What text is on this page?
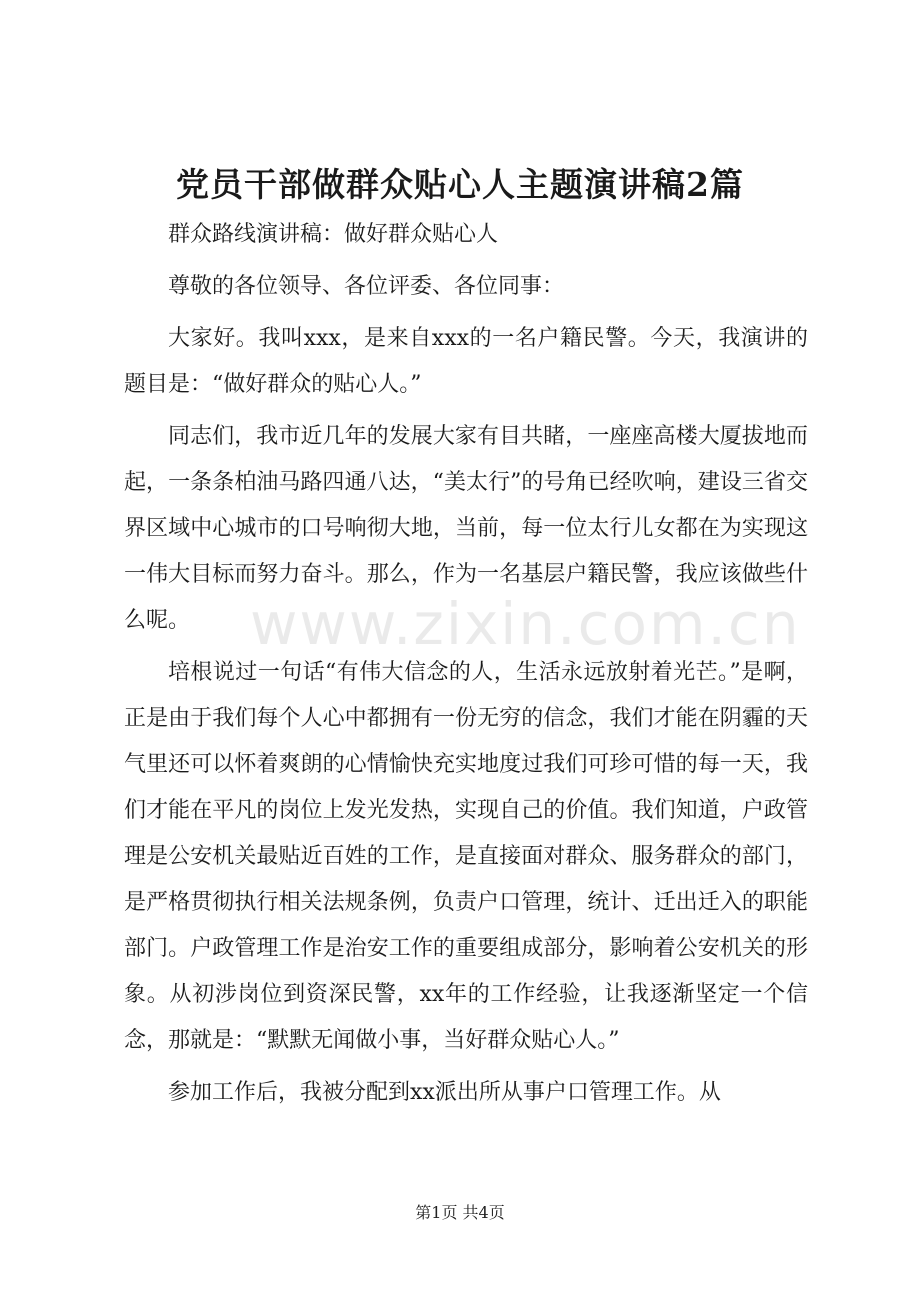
党员干部做群众贴心人主题演讲稿2篇

群众路线演讲稿：做好群众贴心人

尊敬的各位领导、各位评委、各位同事：

大家好。我叫xxx，是来自xxx的一名户籍民警。今天，我演讲的题目是：“做好群众的贴心人。”

同志们，我市近几年的发展大家有目共睹，一座座高楼大厦拔地而起，一条条柏油马路四通八达，“美太行”的号角已经吹响，建设三省交界区域中心城市的口号响彻大地，当前，每一位太行儿女都在为实现这一伟大目标而努力奋斗。那么，作为一名基层户籍民警，我应该做些什么呢。

培根说过一句话“有伟大信念的人，生活永远放射着光芒。”是啊，正是由于我们每个人心中都拥有一份无穷的信念，我们才能在阴霾的天气里还可以怀着爽朗的心情愉快充实地度过我们可珍可惜的每一天，我们才能在平凡的岗位上发光发热，实现自己的价值。我们知道，户政管理是公安机关最贴近百姓的工作，是直接面对群众、服务群众的部门，是严格贯彻执行相关法规条例，负责户口管理，统计、迁出迁入的职能部门。户政管理工作是治安工作的重要组成部分，影响着公安机关的形象。从初涉岗位到资深民警，xx年的工作经验，让我逐渐坚定一个信念，那就是：“默默无闻做小事，当好群众贴心人。”

参加工作后，我被分配到xx派出所从事户口管理工作。从

www.zixin.com.cn
第1页 共4页
